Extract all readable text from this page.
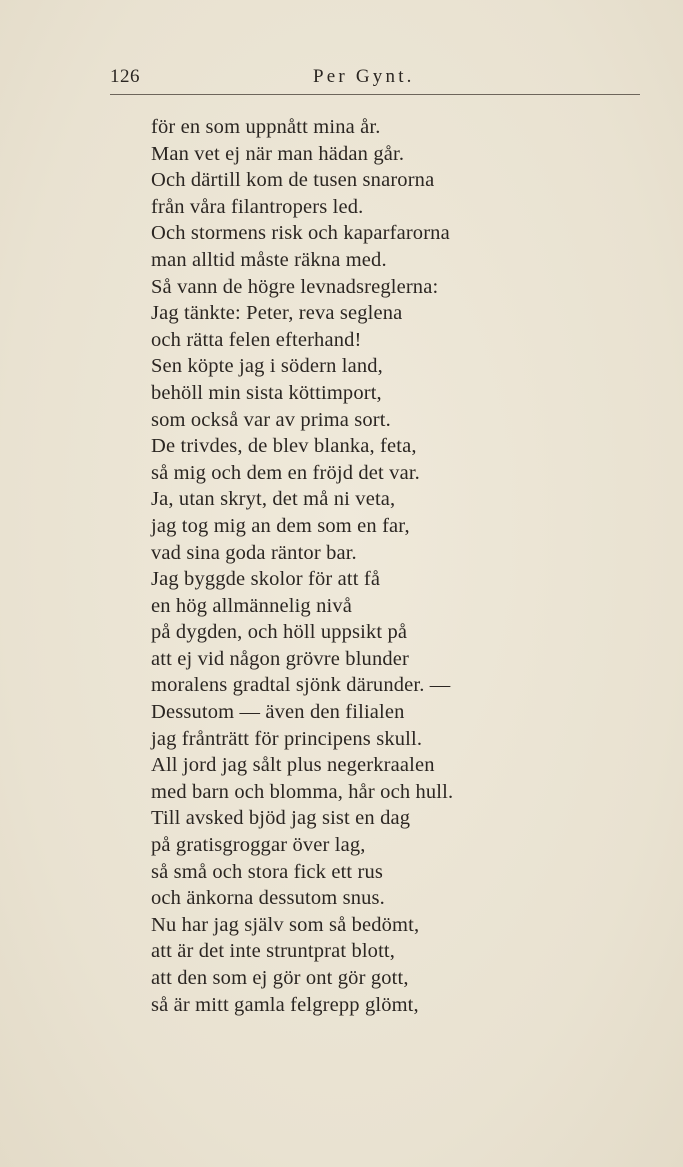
126	Per Gynt.
för en som uppnått mina år.
Man vet ej när man hädan går.
Och därtill kom de tusen snarorna
från våra filantropers led.
Och stormens risk och kaparfarorna
man alltid måste räkna med.
Så vann de högre levnadsreglerna:
Jag tänkte: Peter, reva seglena
och rätta felen efterhand!
Sen köpte jag i södern land,
behöll min sista köttimport,
som också var av prima sort.
De trivdes, de blev blanka, feta,
så mig och dem en fröjd det var.
Ja, utan skryt, det må ni veta,
jag tog mig an dem som en far,
vad sina goda räntor bar.
Jag byggde skolor för att få
en hög allmännelig nivå
på dygden, och höll uppsikt på
att ej vid någon grövre blunder
moralens gradtal sjönk därunder. —
Dessutom — även den filialen
jag frånträtt för principens skull.
All jord jag sålt plus negerkraalen
med barn och blomma, hår och hull.
Till avsked bjöd jag sist en dag
på gratisgroggar över lag,
så små och stora fick ett rus
och änkorna dessutom snus.
Nu har jag själv som så bedömt,
att är det inte struntprat blott,
att den som ej gör ont gör gott,
så är mitt gamla felgrepp glömt,
